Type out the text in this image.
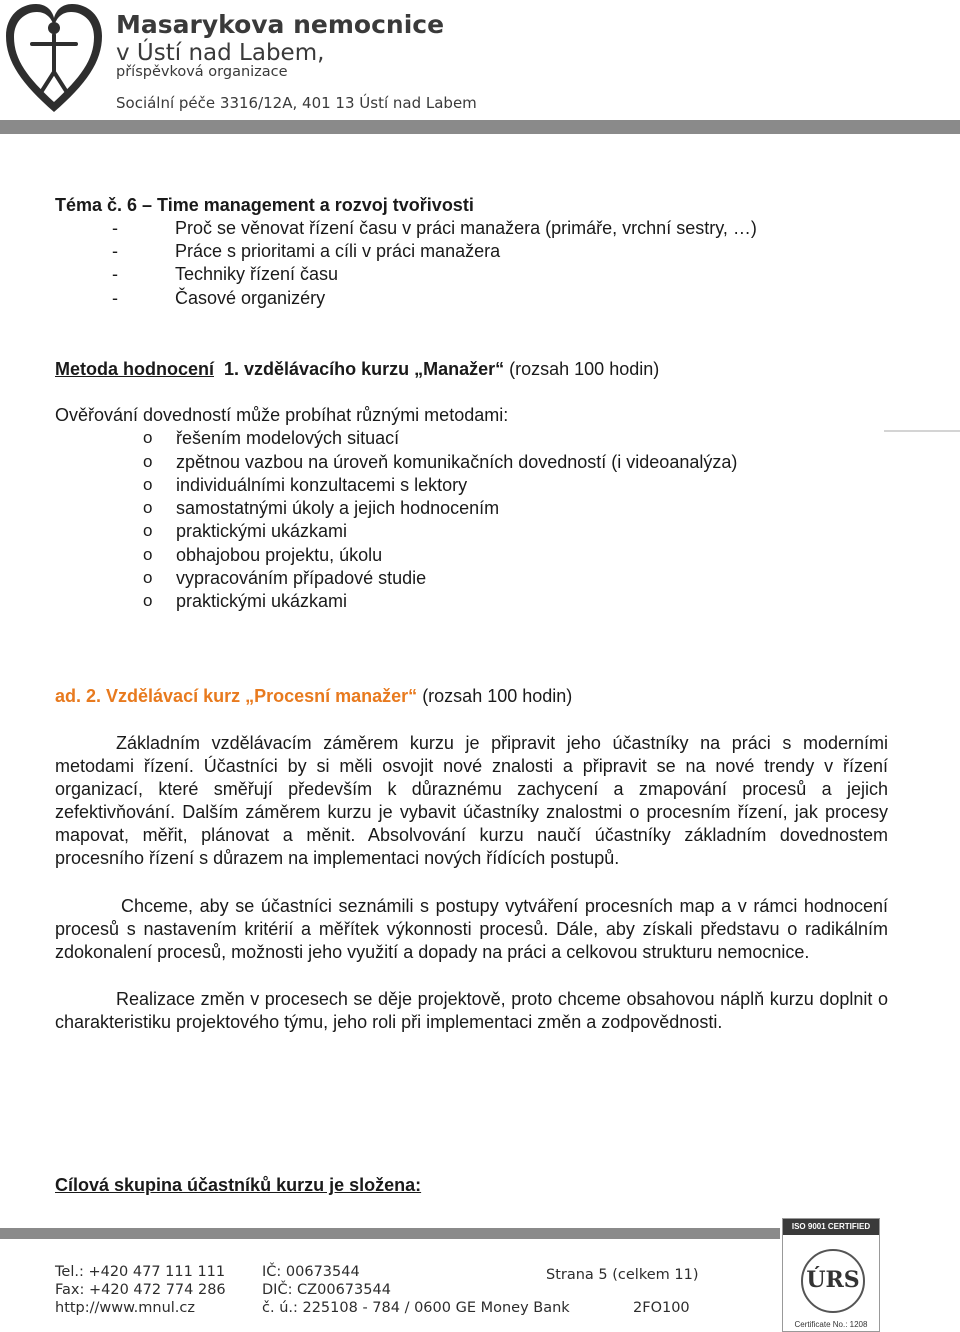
Masarykova nemocnice
v Ústí nad Labem,
příspěvková organizace
Sociální péče 3316/12A, 401 13 Ústí nad Labem
Téma č. 6 – Time management a rozvoj tvořivosti
-	Proč se věnovat řízení času v práci manažera (primáře, vrchní sestry, …)
-	Práce s prioritami a cíli v práci manažera
-	Techniky řízení času
-	Časové organizéry
Metoda hodnocení 1. vzdělávacího kurzu „Manažer“ (rozsah 100 hodin)
Ověřování dovedností může probíhat různými metodami:
o řešením modelových situací
o zpětnou vazbou na úroveň komunikačních dovedností (i videoanalýza)
o individuálními konzultacemi s lektory
o samostatnými úkoly a jejich hodnocením
o praktickými ukázkami
o obhajobou projektu, úkolu
o vypracováním případové studie
o praktickými ukázkami
ad. 2. Vzdělávací kurz „Procesní manažer“ (rozsah 100 hodin)
Základním vzdělávacím záměrem kurzu je připravit jeho účastníky na práci s moderními metodami řízení. Účastníci by si měli osvojit nové znalosti a připravit se na nové trendy v řízení organizací, které směřují především k důraznému zachycení a zmapování procesů a jejich zefektivňování. Dalším záměrem kurzu je vybavit účastníky znalostmi o procesním řízení, jak procesy mapovat, měřit, plánovat a měnit. Absolvování kurzu naučí účastníky základním dovednostem procesního řízení s důrazem na implementaci nových řídících postupů.
Chceme, aby se účastníci seznámili s postupy vytváření procesních map a v rámci hodnocení procesů s nastavením kritérií a měřítek výkonnosti procesů. Dále, aby získali představu o radikálním zdokonalení procesů, možnosti jeho využití a dopady na práci a celkovou strukturu nemocnice.
Realizace změn v procesech se děje projektově, proto chceme obsahovou náplň kurzu doplnit o charakteristiku projektového týmu, jeho roli při implementaci změn a zodpovědnosti.
Cílová skupina účastníků kurzu je složena:
Tel.: +420 477 111 111
Fax: +420 472 774 286
http://www.mnul.cz
IČ: 00673544
DIČ: CZ00673544
č. ú.: 225108 - 784 / 0600 GE Money Bank
Strana 5 (celkem 11)
2FO100
ISO 9001 CERTIFIED ORGANIZATION
ÚRS
Certificate No.: 1208
